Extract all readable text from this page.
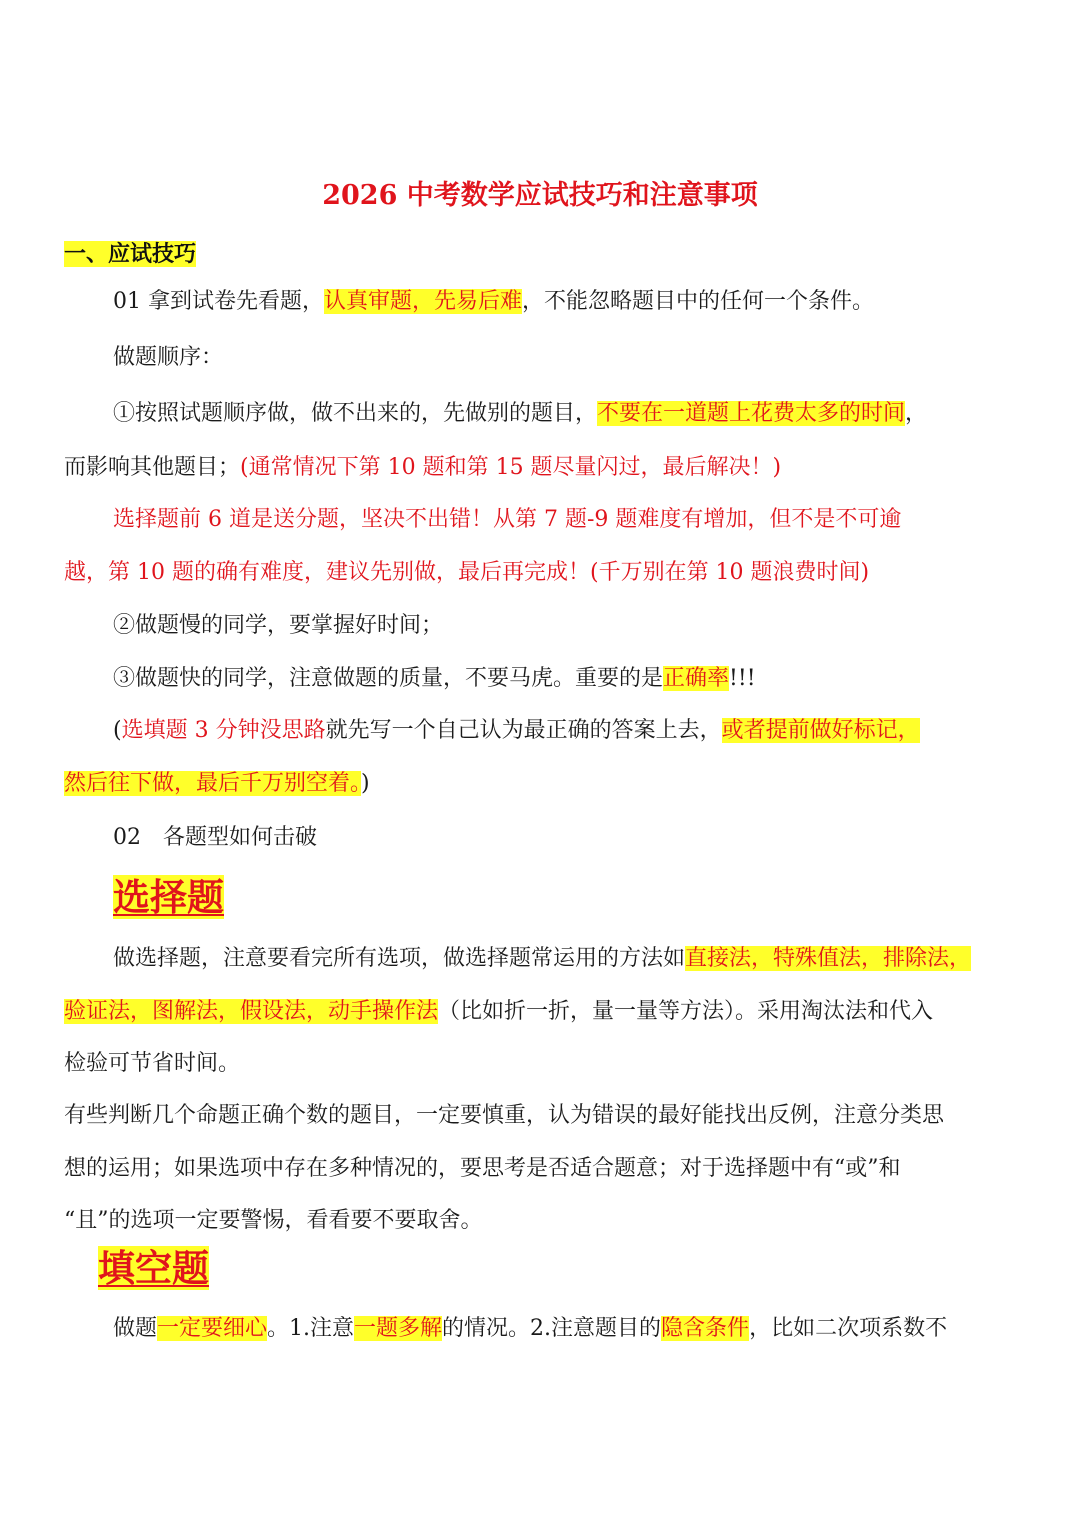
2026 中考数学应试技巧和注意事项
一、应试技巧
01 拿到试卷先看题，认真审题，先易后难，不能忽略题目中的任何一个条件。
做题顺序：
①按照试题顺序做，做不出来的，先做别的题目，不要在一道题上花费太多的时间，
而影响其他题目；(通常情况下第 10 题和第 15 题尽量闪过，最后解决！)
选择题前 6 道是送分题，坚决不出错！从第 7 题-9 题难度有增加，但不是不可逾
越，第 10 题的确有难度，建议先别做，最后再完成！(千万别在第 10 题浪费时间)
②做题慢的同学，要掌握好时间；
③做题快的同学，注意做题的质量，不要马虎。重要的是正确率!!!
(选填题 3 分钟没思路就先写一个自己认为最正确的答案上去，或者提前做好标记，
然后往下做，最后千万别空着。)
02　各题型如何击破
选择题
做选择题，注意要看完所有选项，做选择题常运用的方法如直接法，特殊值法，排除法，
验证法，图解法，假设法，动手操作法（比如折一折，量一量等方法）。采用淘汰法和代入
检验可节省时间。
有些判断几个命题正确个数的题目，一定要慎重，认为错误的最好能找出反例，注意分类思
想的运用；如果选项中存在多种情况的，要思考是否适合题意；对于选择题中有“或”和
“且”的选项一定要警惕，看看要不要取舍。
填空题
做题一定要细心。1.注意一题多解的情况。2.注意题目的隐含条件，比如二次项系数不
